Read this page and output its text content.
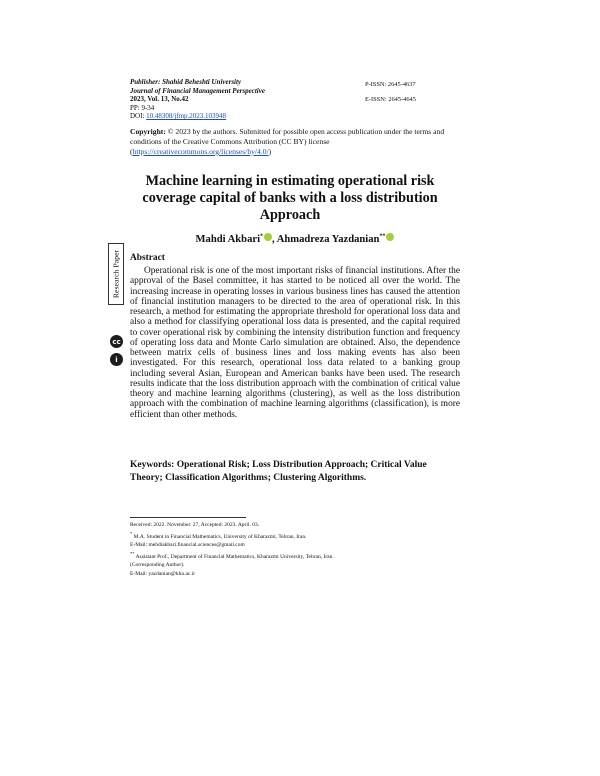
Publisher: Shahid Beheshti University
Journal of Financial Management Perspective
2023, Vol. 13, No.42
PP: 9-34
DOI: 10.48308/jfmp.2023.103948
P-ISSN: 2645-4637
E-ISSN: 2645-4645
Copyright: © 2023 by the authors. Submitted for possible open access publication under the terms and conditions of the Creative Commons Attribution (CC BY) license (https://creativecommons.org/licenses/by/4.0/)
Machine learning in estimating operational risk coverage capital of banks with a loss distribution Approach
Mahdi Akbari* , Ahmadreza Yazdanian**
Research Paper
cc
i
Abstract
Operational risk is one of the most important risks of financial institutions. After the approval of the Basel committee, it has started to be noticed all over the world. The increasing increase in operating losses in various business lines has caused the attention of financial institution managers to be directed to the area of operational risk. In this research, a method for estimating the appropriate threshold for operational loss data and also a method for classifying operational loss data is presented, and the capital required to cover operational risk by combining the intensity distribution function and frequency of operating loss data and Monte Carlo simulation are obtained. Also, the dependence between matrix cells of business lines and loss making events has also been investigated. For this research, operational loss data related to a banking group including several Asian, European and American banks have been used. The research results indicate that the loss distribution approach with the combination of critical value theory and machine learning algorithms (clustering), as well as the loss distribution approach with the combination of machine learning algorithms (classification), is more efficient than other methods.
Keywords: Operational Risk; Loss Distribution Approach; Critical Value Theory; Classification Algorithms; Clustering Algorithms.
Received: 2022. November. 27, Accepted: 2023. April. 03.
* M.A. Student in Financial Mathematics, University of Kharazmi, Tehran, Iran.
E-Mail: mehdiakbari.financial.sciences@gmail.com
** Assistant Prof., Department of Financial Mathematics, Kharazmi University, Tehran, Iran.
(Corresponding Author).
E-Mail: yazdanian@khu.ac.ir
